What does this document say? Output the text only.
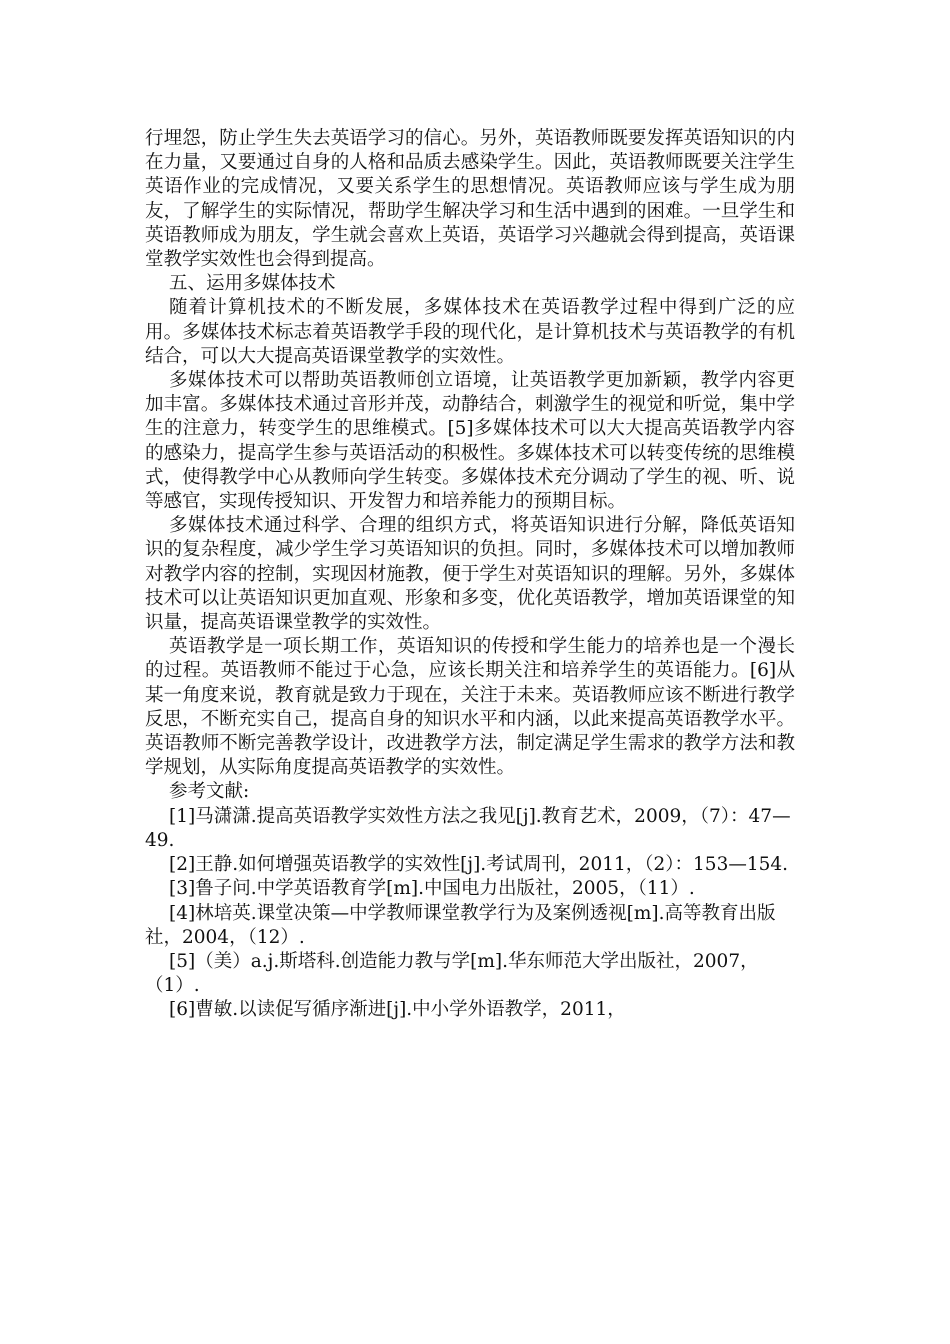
行埋怨，防止学生失去英语学习的信心。另外，英语教师既要发挥英语知识的内在力量，又要通过自身的人格和品质去感染学生。因此，英语教师既要关注学生英语作业的完成情况，又要关系学生的思想情况。英语教师应该与学生成为朋友，了解学生的实际情况，帮助学生解决学习和生活中遇到的困难。一旦学生和英语教师成为朋友，学生就会喜欢上英语，英语学习兴趣就会得到提高，英语课堂教学实效性也会得到提高。

五、运用多媒体技术

随着计算机技术的不断发展，多媒体技术在英语教学过程中得到广泛的应用。多媒体技术标志着英语教学手段的现代化，是计算机技术与英语教学的有机结合，可以大大提高英语课堂教学的实效性。

多媒体技术可以帮助英语教师创立语境，让英语教学更加新颖，教学内容更加丰富。多媒体技术通过音形并茂，动静结合，刺激学生的视觉和听觉，集中学生的注意力，转变学生的思维模式。[5]多媒体技术可以大大提高英语教学内容的感染力，提高学生参与英语活动的积极性。多媒体技术可以转变传统的思维模式，使得教学中心从教师向学生转变。多媒体技术充分调动了学生的视、听、说等感官，实现传授知识、开发智力和培养能力的预期目标。

多媒体技术通过科学、合理的组织方式，将英语知识进行分解，降低英语知识的复杂程度，减少学生学习英语知识的负担。同时，多媒体技术可以增加教师对教学内容的控制，实现因材施教，便于学生对英语知识的理解。另外，多媒体技术可以让英语知识更加直观、形象和多变，优化英语教学，增加英语课堂的知识量，提高英语课堂教学的实效性。

英语教学是一项长期工作，英语知识的传授和学生能力的培养也是一个漫长的过程。英语教师不能过于心急，应该长期关注和培养学生的英语能力。[6]从某一角度来说，教育就是致力于现在，关注于未来。英语教师应该不断进行教学反思，不断充实自己，提高自身的知识水平和内涵，以此来提高英语教学水平。英语教师不断完善教学设计，改进教学方法，制定满足学生需求的教学方法和教学规划，从实际角度提高英语教学的实效性。

参考文献:

[1]马潇潇.提高英语教学实效性方法之我见[j].教育艺术，2009，（7）：47—49.

[2]王静.如何增强英语教学的实效性[j].考试周刊，2011，（2）：153—154.

[3]鲁子问.中学英语教育学[m].中国电力出版社，2005，（11）.

[4]林培英.课堂决策—中学教师课堂教学行为及案例透视[m].高等教育出版社，2004，（12）.

[5]（美）a.j.斯塔科.创造能力教与学[m].华东师范大学出版社，2007，（1）.

[6]曹敏.以读促写循序渐进[j].中小学外语教学，2011，
